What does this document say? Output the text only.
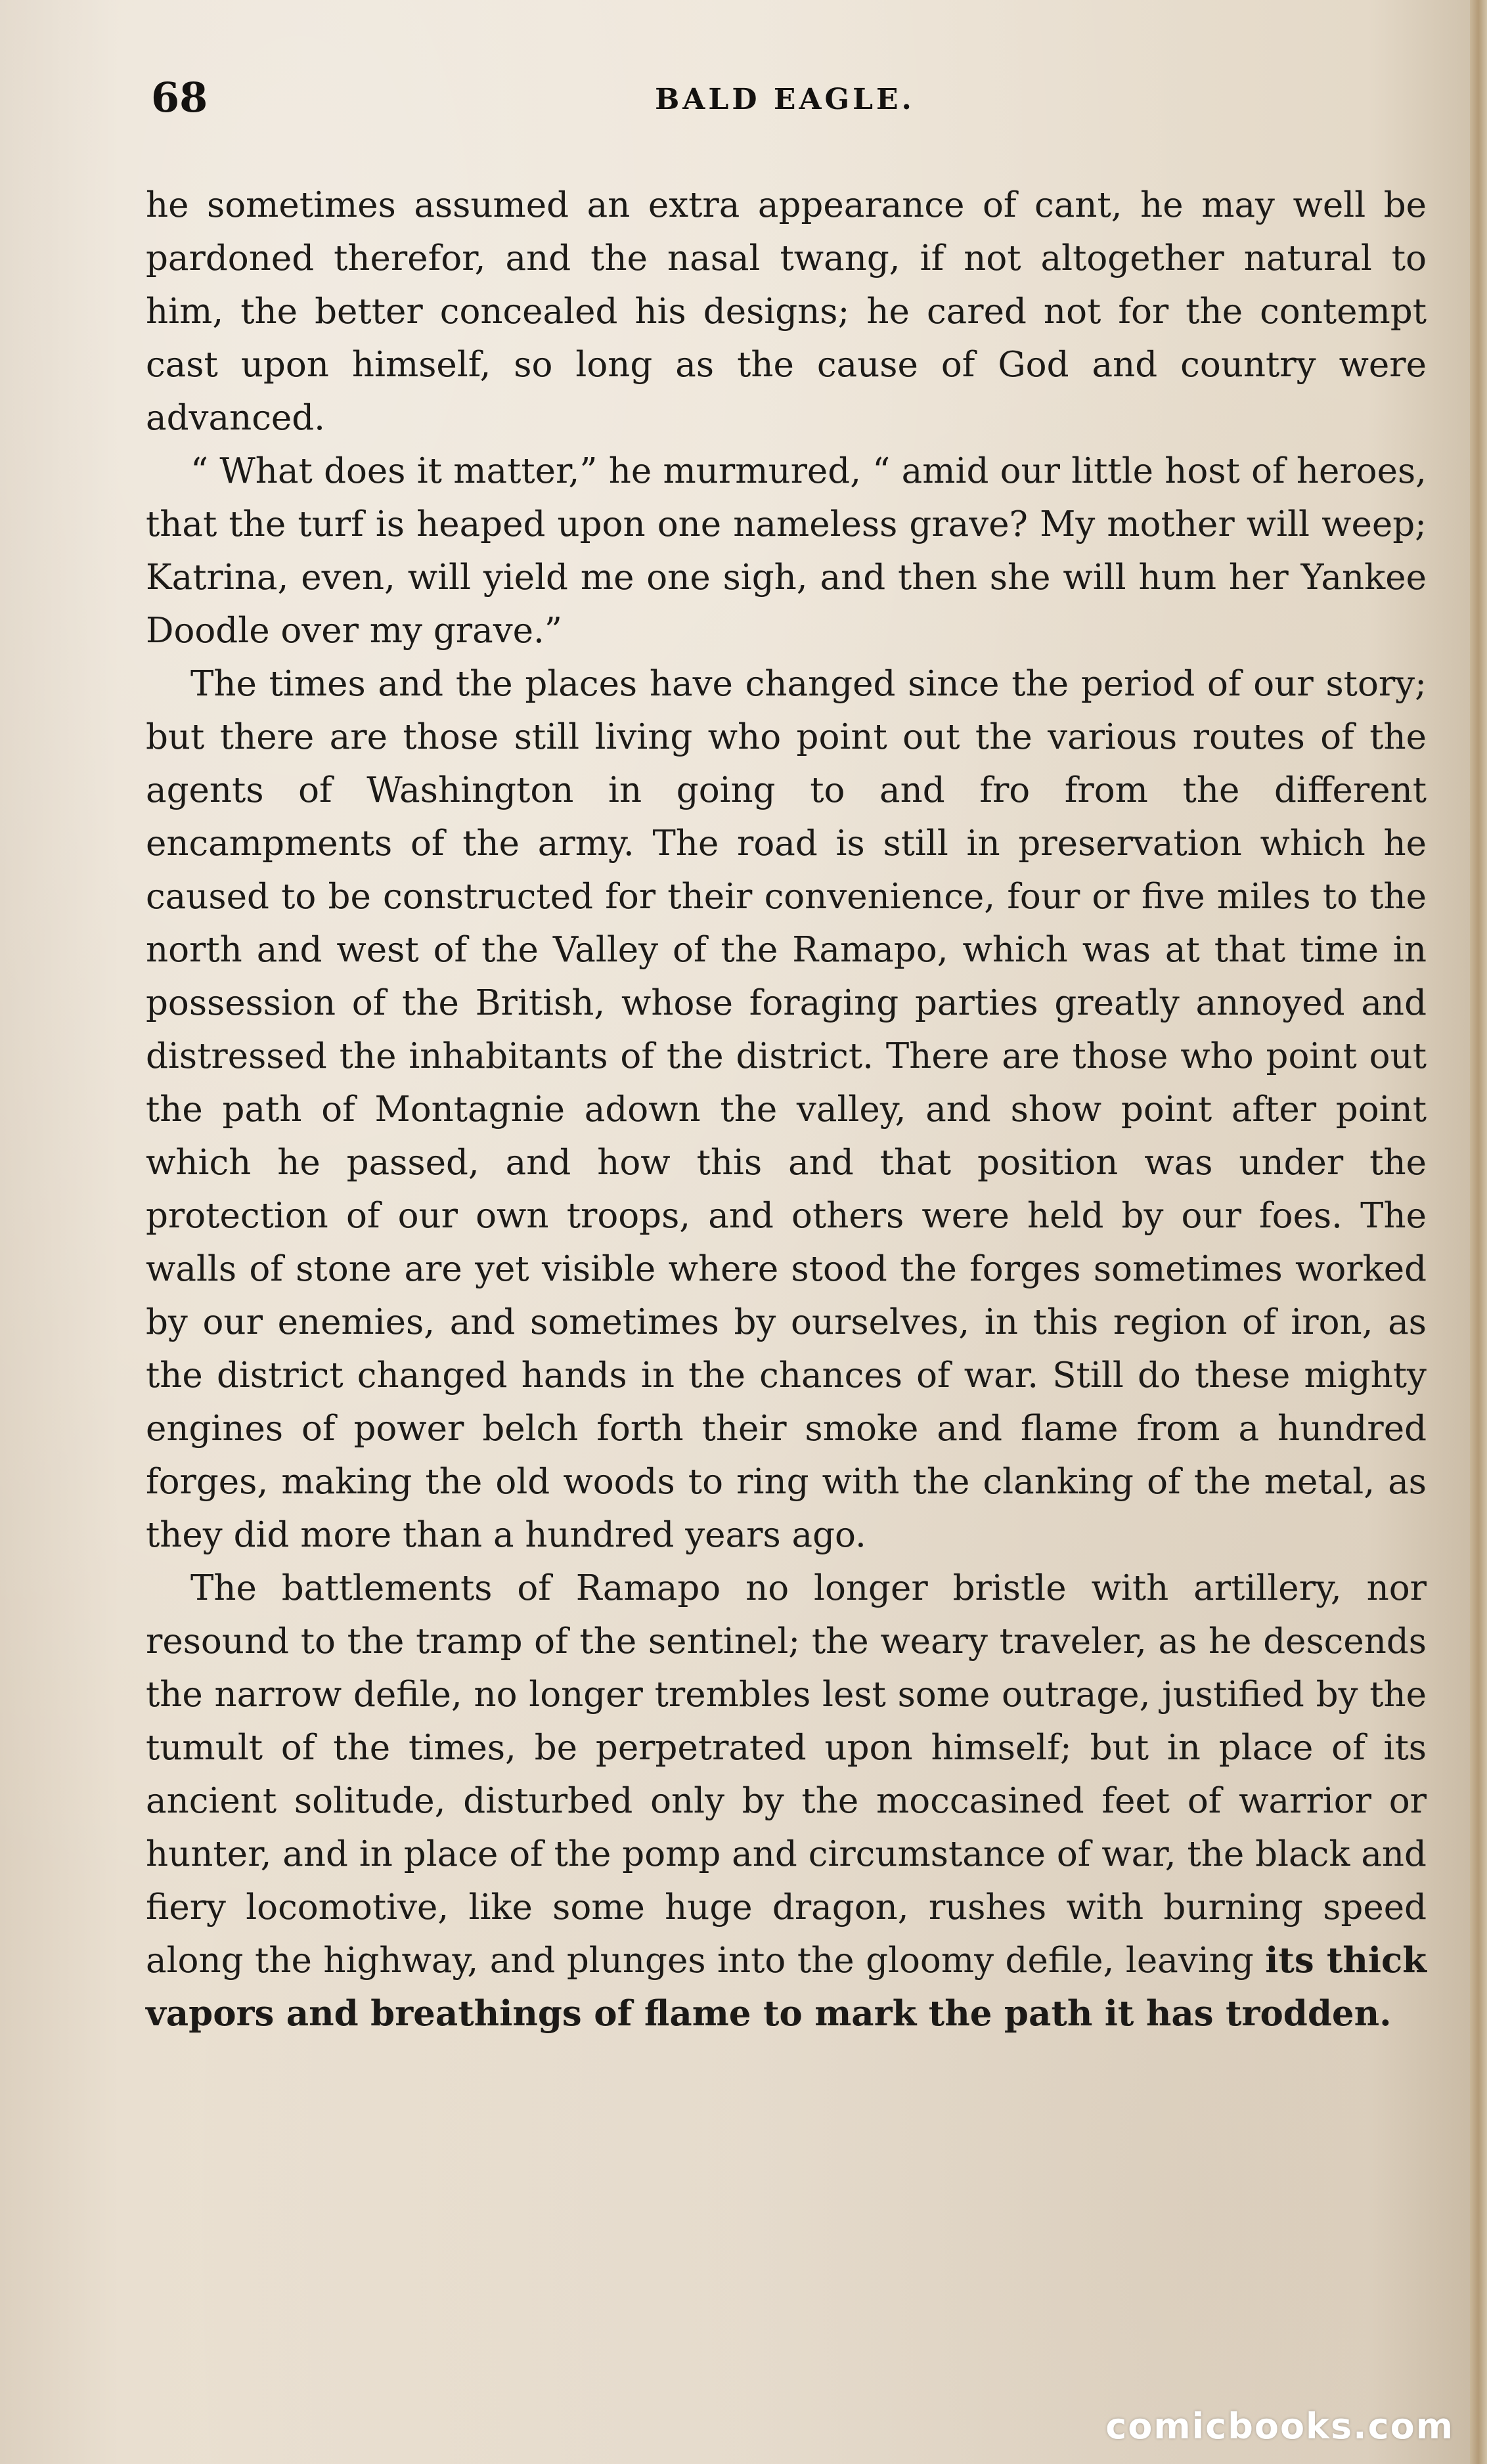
68	BALD EAGLE.

he sometimes assumed an extra appearance of cant, he may well be pardoned therefor, and the nasal twang, if not altogether natural to him, the better concealed his designs; he cared not for the contempt cast upon himself, so long as the cause of God and country were advanced.

“ What does it matter,” he murmured, “ amid our little host of heroes, that the turf is heaped upon one nameless grave? My mother will weep; Katrina, even, will yield me one sigh, and then she will hum her Yankee Doodle over my grave.”

The times and the places have changed since the period of our story; but there are those still living who point out the various routes of the agents of Washington in going to and fro from the different encampments of the army. The road is still in preservation which he caused to be constructed for their convenience, four or five miles to the north and west of the Valley of the Ramapo, which was at that time in possession of the British, whose foraging parties greatly annoyed and distressed the inhabitants of the district. There are those who point out the path of Montagnie adown the valley, and show point after point which he passed, and how this and that position was under the protection of our own troops, and others were held by our foes. The walls of stone are yet visible where stood the forges sometimes worked by our enemies, and sometimes by ourselves, in this region of iron, as the district changed hands in the chances of war. Still do these mighty engines of power belch forth their smoke and flame from a hundred forges, making the old woods to ring with the clanking of the metal, as they did more than a hundred years ago.

The battlements of Ramapo no longer bristle with artillery, nor resound to the tramp of the sentinel; the weary traveler, as he descends the narrow defile, no longer trembles lest some outrage, justified by the tumult of the times, be perpetrated upon himself; but in place of its ancient solitude, disturbed only by the moccasined feet of warrior or hunter, and in place of the pomp and circumstance of war, the black and fiery locomotive, like some huge dragon, rushes with burning speed along the highway, and plunges into the gloomy defile, leaving its thick vapors and breathings of flame to mark the path it has trodden.

comicbooks.com
